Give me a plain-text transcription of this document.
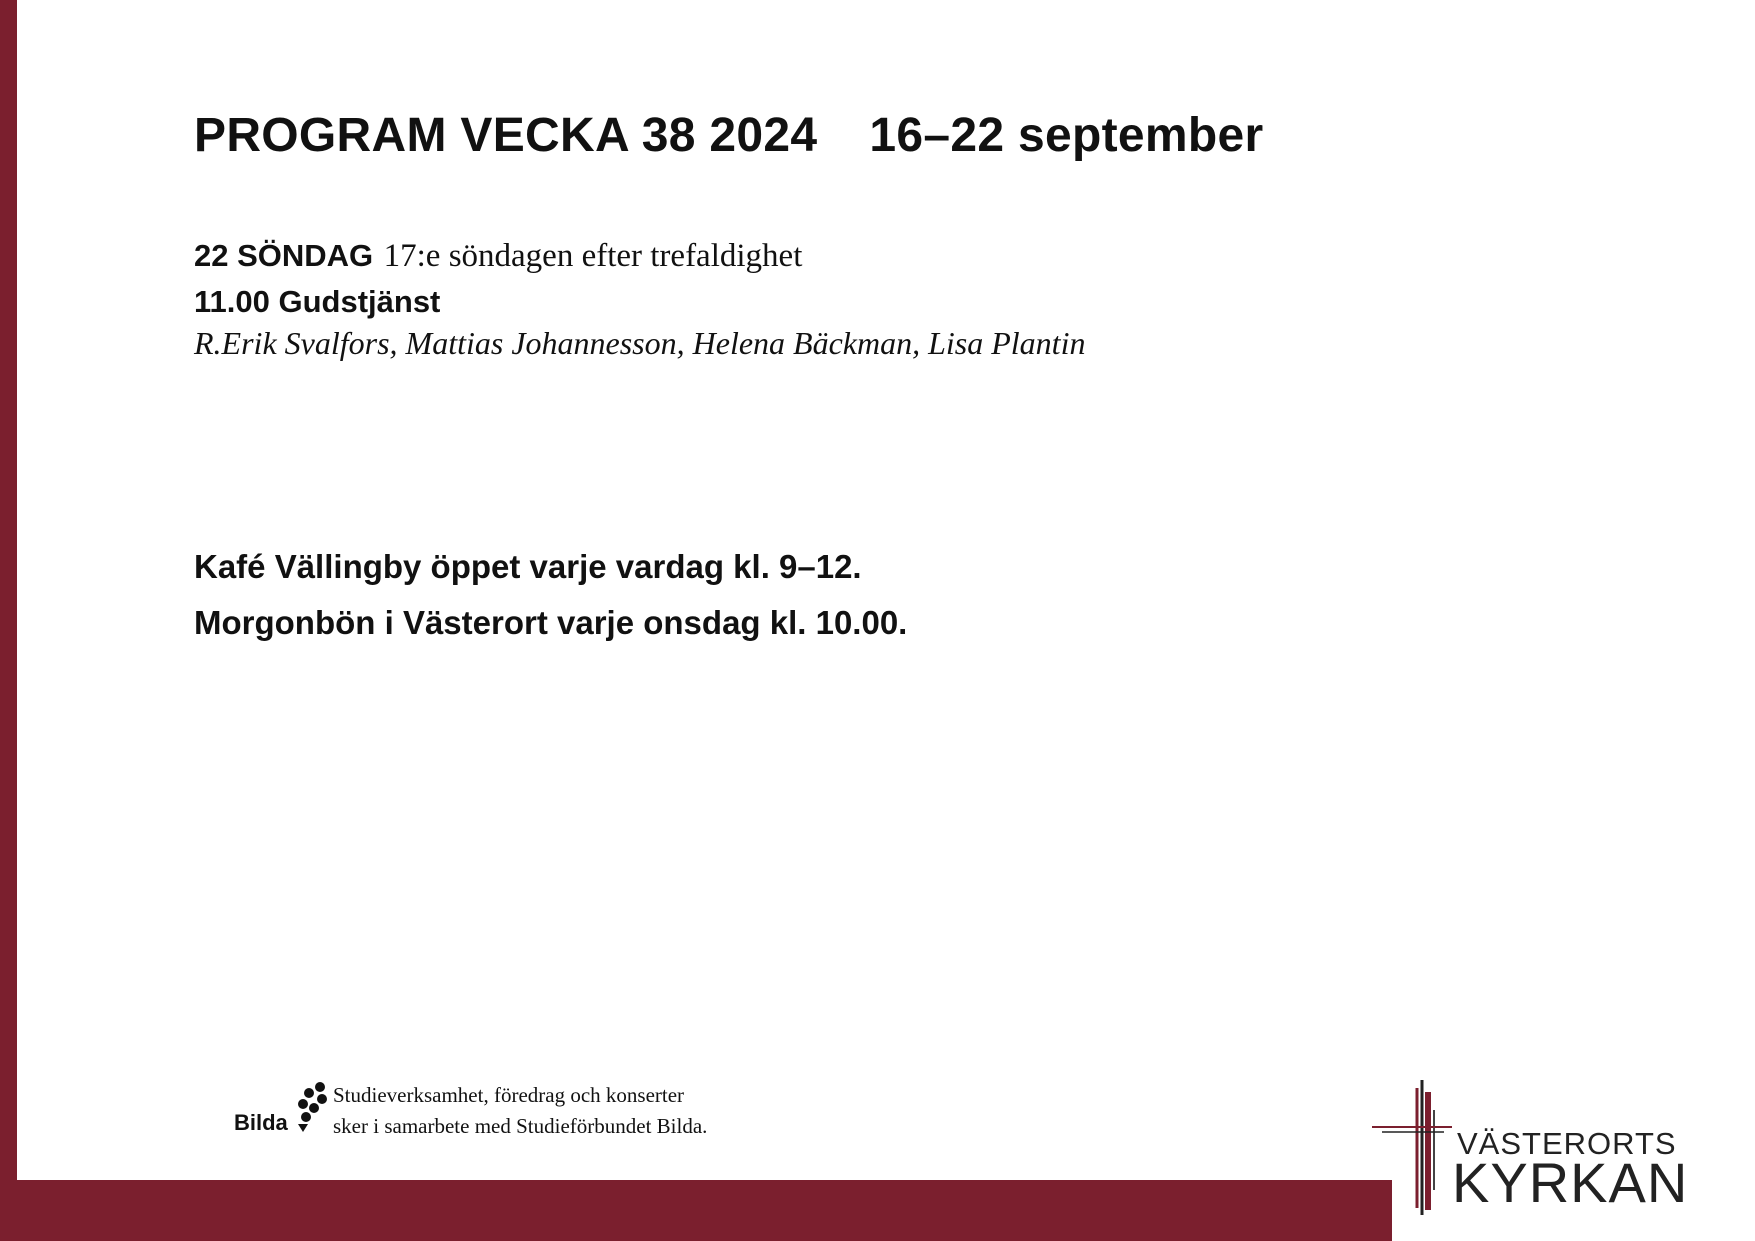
PROGRAM VECKA 38 2024 16–22 september
22 SÖNDAG 17:e söndagen efter trefaldighet
11.00 Gudstjänst
R.Erik Svalfors, Mattias Johannesson, Helena Bäckman, Lisa Plantin
Kafé Vällingby öppet varje vardag kl. 9–12.
Morgonbön i Västerort varje onsdag kl. 10.00.
Bilda
Studieverksamhet, föredrag och konserter
sker i samarbete med Studieförbundet Bilda.	VÄSTERORTS
KYRKAN
